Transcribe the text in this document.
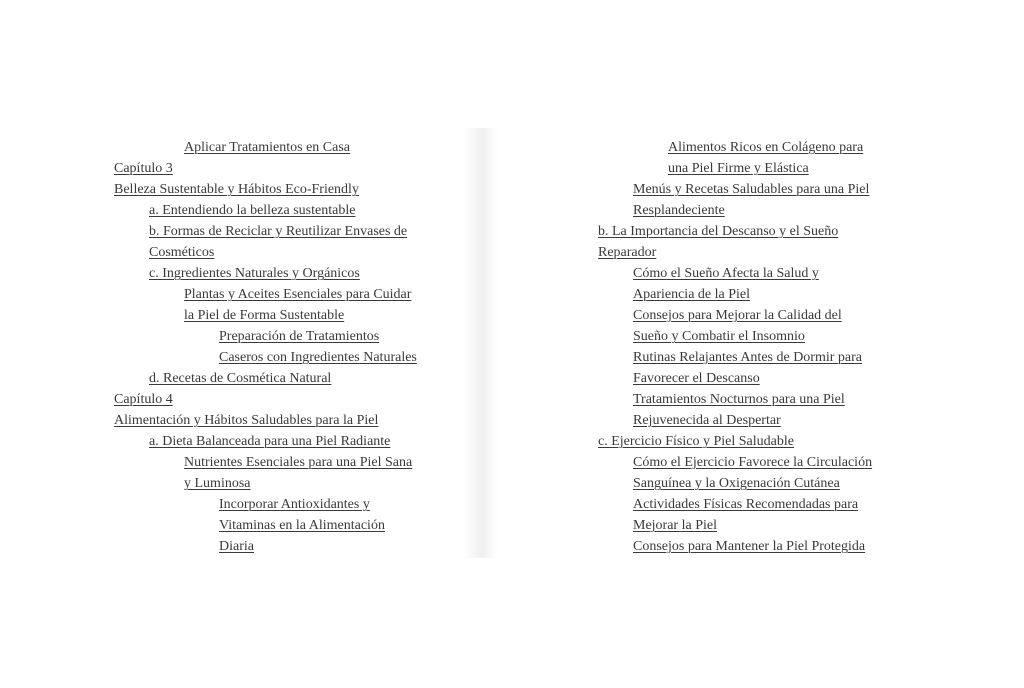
Aplicar Tratamientos en Casa
Capítulo 3
Belleza Sustentable y Hábitos Eco-Friendly
a. Entendiendo la belleza sustentable
b. Formas de Reciclar y Reutilizar Envases de
Cosméticos
c. Ingredientes Naturales y Orgánicos
Plantas y Aceites Esenciales para Cuidar
la Piel de Forma Sustentable
Preparación de Tratamientos
Caseros con Ingredientes Naturales
d. Recetas de Cosmética Natural
Capítulo 4
Alimentación y Hábitos Saludables para la Piel
a. Dieta Balanceada para una Piel Radiante
Nutrientes Esenciales para una Piel Sana
y Luminosa
Incorporar Antioxidantes y
Vitaminas en la Alimentación
Diaria
Alimentos Ricos en Colágeno para
una Piel Firme y Elástica
Menús y Recetas Saludables para una Piel
Resplandeciente
b. La Importancia del Descanso y el Sueño
Reparador
Cómo el Sueño Afecta la Salud y
Apariencia de la Piel
Consejos para Mejorar la Calidad del
Sueño y Combatir el Insomnio
Rutinas Relajantes Antes de Dormir para
Favorecer el Descanso
Tratamientos Nocturnos para una Piel
Rejuvenecida al Despertar
c. Ejercicio Físico y Piel Saludable
Cómo el Ejercicio Favorece la Circulación
Sanguínea y la Oxigenación Cutánea
Actividades Físicas Recomendadas para
Mejorar la Piel
Consejos para Mantener la Piel Protegida
